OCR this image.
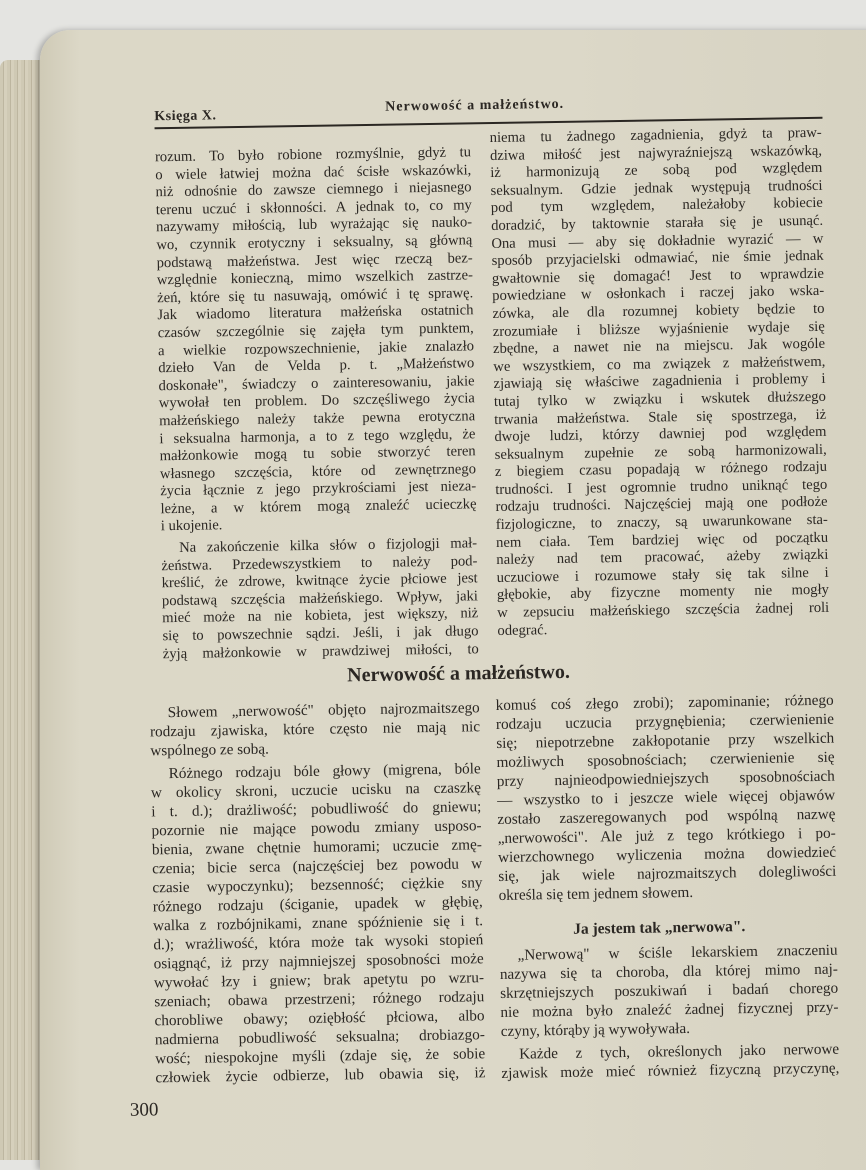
Księga X.
Nerwowość a małżeństwo.
rozum. To było robione rozmyślnie, gdyż tu
o wiele łatwiej można dać ścisłe wskazówki,
niż odnośnie do zawsze ciemnego i niejasnego
terenu uczuć i skłonności. A jednak to, co my
nazywamy miłością, lub wyrażając się nauko-
wo, czynnik erotyczny i seksualny, są główną
podstawą małżeństwa. Jest więc rzeczą bez-
względnie konieczną, mimo wszelkich zastrze-
żeń, które się tu nasuwają, omówić i tę sprawę.
Jak wiadomo literatura małżeńska ostatnich
czasów szczególnie się zajęła tym punktem,
a wielkie rozpowszechnienie, jakie znalazło
dzieło Van de Velda p. t. „Małżeństwo
doskonałe", świadczy o zainteresowaniu, jakie
wywołał ten problem. Do szczęśliwego życia
małżeńskiego należy także pewna erotyczna
i seksualna harmonja, a to z tego względu, że
małżonkowie mogą tu sobie stworzyć teren
własnego szczęścia, które od zewnętrznego
życia łącznie z jego przykrościami jest nieza-
leżne, a w którem mogą znaleźć ucieczkę
i ukojenie.
Na zakończenie kilka słów o fizjologji mał-
żeństwa. Przedewszystkiem to należy pod-
kreślić, że zdrowe, kwitnące życie płciowe jest
podstawą szczęścia małżeńskiego. Wpływ, jaki
mieć może na nie kobieta, jest większy, niż
się to powszechnie sądzi. Jeśli, i jak długo
żyją małżonkowie w prawdziwej miłości, to
niema tu żadnego zagadnienia, gdyż ta praw-
dziwa miłość jest najwyraźniejszą wskazówką,
iż harmonizują ze sobą pod względem
seksualnym. Gdzie jednak występują trudności
pod tym względem, należałoby kobiecie
doradzić, by taktownie starała się je usunąć.
Ona musi — aby się dokładnie wyrazić — w
sposób przyjacielski odmawiać, nie śmie jednak
gwałtownie się domagać! Jest to wprawdzie
powiedziane w osłonkach i raczej jako wska-
zówka, ale dla rozumnej kobiety będzie to
zrozumiałe i bliższe wyjaśnienie wydaje się
zbędne, a nawet nie na miejscu. Jak wogóle
we wszystkiem, co ma związek z małżeństwem,
zjawiają się właściwe zagadnienia i problemy i
tutaj tylko w związku i wskutek dłuższego
trwania małżeństwa. Stale się spostrzega, iż
dwoje ludzi, którzy dawniej pod względem
seksualnym zupełnie ze sobą harmonizowali,
z biegiem czasu popadają w różnego rodzaju
trudności. I jest ogromnie trudno uniknąć tego
rodzaju trudności. Najczęściej mają one podłoże
fizjologiczne, to znaczy, są uwarunkowane sta-
nem ciała. Tem bardziej więc od początku
należy nad tem pracować, ażeby związki
uczuciowe i rozumowe stały się tak silne i
głębokie, aby fizyczne momenty nie mogły
w zepsuciu małżeńskiego szczęścia żadnej roli
odegrać.
Nerwowość a małżeństwo.
Słowem „nerwowość" objęto najrozmaitszego
rodzaju zjawiska, które często nie mają nic
wspólnego ze sobą.
Różnego rodzaju bóle głowy (migrena, bóle
w okolicy skroni, uczucie ucisku na czaszkę
i t. d.); drażliwość; pobudliwość do gniewu;
pozornie nie mające powodu zmiany usposo-
bienia, zwane chętnie humorami; uczucie zmę-
czenia; bicie serca (najczęściej bez powodu w
czasie wypoczynku); bezsenność; ciężkie sny
różnego rodzaju (ściganie, upadek w głębię,
walka z rozbójnikami, znane spóźnienie się i t.
d.); wrażliwość, która może tak wysoki stopień
osiągnąć, iż przy najmniejszej sposobności może
wywołać łzy i gniew; brak apetytu po wzru-
szeniach; obawa przestrzeni; różnego rodzaju
chorobliwe obawy; oziębłość płciowa, albo
nadmierna pobudliwość seksualna; drobiazgo-
wość; niespokojne myśli (zdaje się, że sobie
człowiek życie odbierze, lub obawia się, iż
komuś coś złego zrobi); zapominanie; różnego
rodzaju uczucia przygnębienia; czerwienienie
się; niepotrzebne zakłopotanie przy wszelkich
możliwych sposobnościach; czerwienienie się
przy najnieodpowiedniejszych sposobnościach
— wszystko to i jeszcze wiele więcej objawów
zostało zaszeregowanych pod wspólną nazwę
„nerwowości". Ale już z tego krótkiego i po-
wierzchownego wyliczenia można dowiedzieć
się, jak wiele najrozmaitszych dolegliwości
określa się tem jednem słowem.
Ja jestem tak „nerwowa".
„Nerwową" w ściśle lekarskiem znaczeniu
nazywa się ta choroba, dla której mimo naj-
skrzętniejszych poszukiwań i badań chorego
nie można było znaleźć żadnej fizycznej przy-
czyny, którąby ją wywoływała.
Każde z tych, określonych jako nerwowe
zjawisk może mieć również fizyczną przyczynę,
300
